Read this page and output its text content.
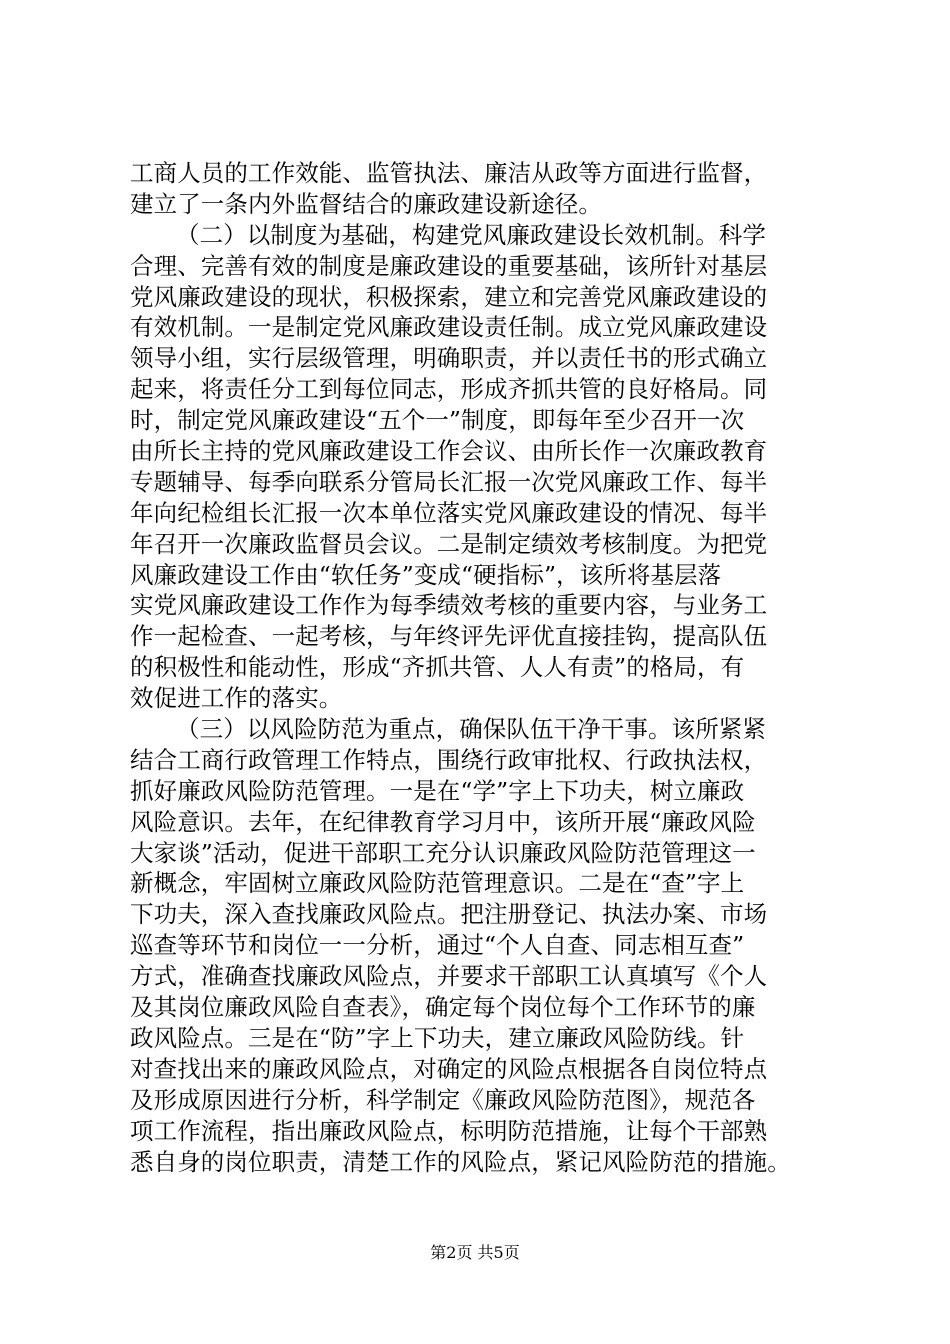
工商人员的工作效能、监管执法、廉洁从政等方面进行监督，
建立了一条内外监督结合的廉政建设新途径。
（二）以制度为基础，构建党风廉政建设长效机制。科学
合理、完善有效的制度是廉政建设的重要基础，该所针对基层
党风廉政建设的现状，积极探索，建立和完善党风廉政建设的
有效机制。一是制定党风廉政建设责任制。成立党风廉政建设
领导小组，实行层级管理，明确职责，并以责任书的形式确立
起来，将责任分工到每位同志，形成齐抓共管的良好格局。同
时，制定党风廉政建设“五个一”制度，即每年至少召开一次
由所长主持的党风廉政建设工作会议、由所长作一次廉政教育
专题辅导、每季向联系分管局长汇报一次党风廉政工作、每半
年向纪检组长汇报一次本单位落实党风廉政建设的情况、每半
年召开一次廉政监督员会议。二是制定绩效考核制度。为把党
风廉政建设工作由“软任务”变成“硬指标”，该所将基层落
实党风廉政建设工作作为每季绩效考核的重要内容，与业务工
作一起检查、一起考核，与年终评先评优直接挂钩，提高队伍
的积极性和能动性，形成“齐抓共管、人人有责”的格局，有
效促进工作的落实。
（三）以风险防范为重点，确保队伍干净干事。该所紧紧
结合工商行政管理工作特点，围绕行政审批权、行政执法权，
抓好廉政风险防范管理。一是在“学”字上下功夫，树立廉政
风险意识。去年，在纪律教育学习月中，该所开展“廉政风险
大家谈”活动，促进干部职工充分认识廉政风险防范管理这一
新概念，牢固树立廉政风险防范管理意识。二是在“查”字上
下功夫，深入查找廉政风险点。把注册登记、执法办案、市场
巡查等环节和岗位一一分析，通过“个人自查、同志相互查”
方式，准确查找廉政风险点，并要求干部职工认真填写《个人
及其岗位廉政风险自查表》，确定每个岗位每个工作环节的廉
政风险点。三是在“防”字上下功夫，建立廉政风险防线。针
对查找出来的廉政风险点，对确定的风险点根据各自岗位特点
及形成原因进行分析，科学制定《廉政风险防范图》，规范各
项工作流程，指出廉政风险点，标明防范措施，让每个干部熟
悉自身的岗位职责，清楚工作的风险点，紧记风险防范的措施。
第2页 共5页
